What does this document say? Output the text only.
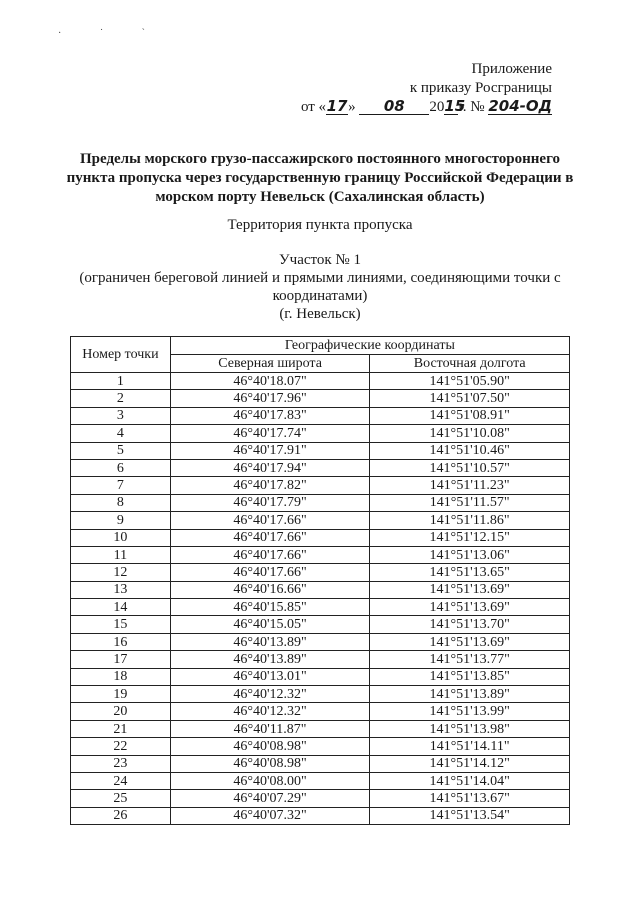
· ˙ ˋ
Приложение
к приказу Росграницы
от «17» 08 2015г. № 204-ОД
Пределы морского грузо-пассажирского постоянного многостороннего пункта пропуска через государственную границу Российской Федерации в морском порту Невельск (Сахалинская область)
Территория пункта пропуска
Участок № 1
(ограничен береговой линией и прямыми линиями, соединяющими точки с координатами)
(г. Невельск)
Номер точки	Географические координаты	
	Северная широта	Восточная долгота
1	46°40'18.07"	141°51'05.90"
2	46°40'17.96"	141°51'07.50"
3	46°40'17.83"	141°51'08.91"
4	46°40'17.74"	141°51'10.08"
5	46°40'17.91"	141°51'10.46"
6	46°40'17.94"	141°51'10.57"
7	46°40'17.82"	141°51'11.23"
8	46°40'17.79"	141°51'11.57"
9	46°40'17.66"	141°51'11.86"
10	46°40'17.66"	141°51'12.15"
11	46°40'17.66"	141°51'13.06"
12	46°40'17.66"	141°51'13.65"
13	46°40'16.66"	141°51'13.69"
14	46°40'15.85"	141°51'13.69"
15	46°40'15.05"	141°51'13.70"
16	46°40'13.89"	141°51'13.69"
17	46°40'13.89"	141°51'13.77"
18	46°40'13.01"	141°51'13.85"
19	46°40'12.32"	141°51'13.89"
20	46°40'12.32"	141°51'13.99"
21	46°40'11.87"	141°51'13.98"
22	46°40'08.98"	141°51'14.11"
23	46°40'08.98"	141°51'14.12"
24	46°40'08.00"	141°51'14.04"
25	46°40'07.29"	141°51'13.67"
26	46°40'07.32"	141°51'13.54"
